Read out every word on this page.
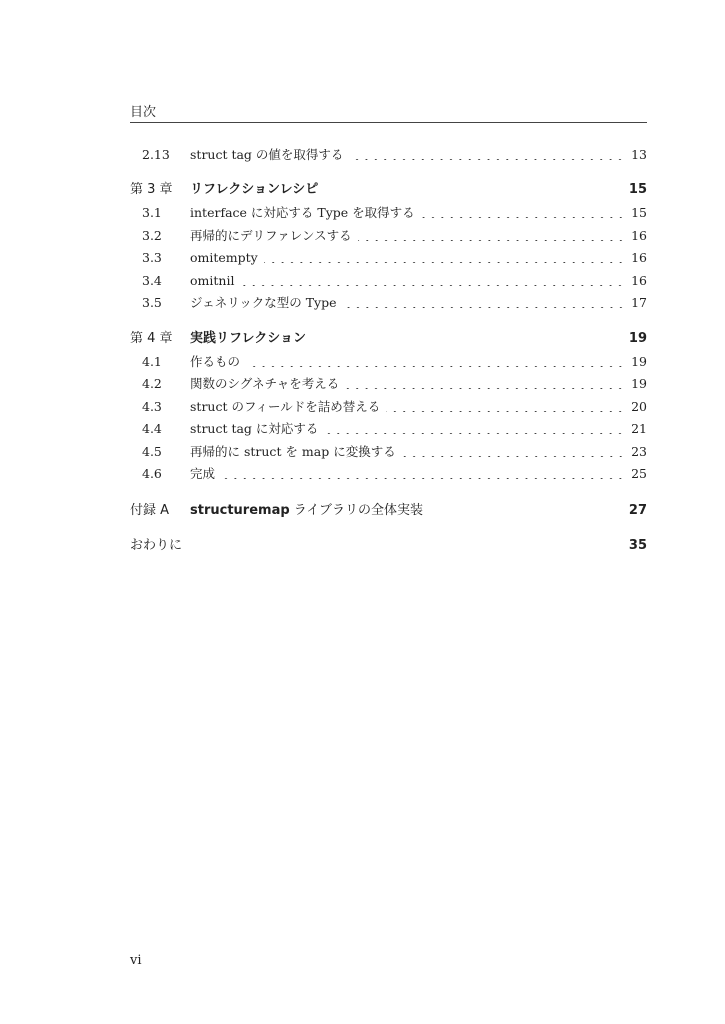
目次
2.13	struct tag の値を取得する	13
第 3 章	リフレクションレシピ	15
3.1	interface に対応する Type を取得する	15
3.2	再帰的にデリファレンスする	16
3.3	omitempty	16
3.4	omitnil	16
3.5	ジェネリックな型の Type	17
第 4 章	実践リフレクション	19
4.1	作るもの	19
4.2	関数のシグネチャを考える	19
4.3	struct のフィールドを詰め替える	20
4.4	struct tag に対応する	21
4.5	再帰的に struct を map に変換する	23
4.6	完成	25
付録 A	structuremap ライブラリの全体実装	27
おわりに	35
vi
